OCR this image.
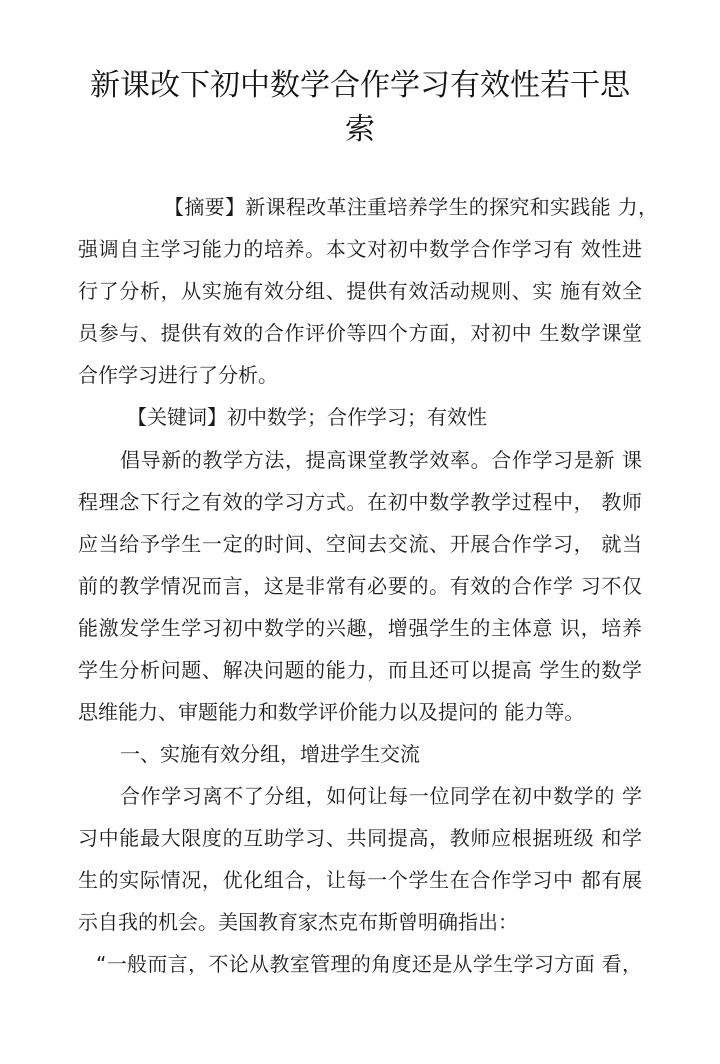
新课改下初中数学合作学习有效性若干思
索
【摘要】新课程改革注重培养学生的探究和实践能 力，
强调自主学习能力的培养。本文对初中数学合作学习有 效性进
行了分析，从实施有效分组、提供有效活动规则、实 施有效全
员参与、提供有效的合作评价等四个方面，对初中 生数学课堂
合作学习进行了分析。
【关键词】初中数学；合作学习；有效性
倡导新的教学方法，提高课堂教学效率。合作学习是新 课
程理念下行之有效的学习方式。在初中数学教学过程中， 教师
应当给予学生一定的时间、空间去交流、开展合作学习， 就当
前的教学情况而言，这是非常有必要的。有效的合作学 习不仅
能激发学生学习初中数学的兴趣，增强学生的主体意 识，培养
学生分析问题、解决问题的能力，而且还可以提高 学生的数学
思维能力、审题能力和数学评价能力以及提问的 能力等。
一、实施有效分组，增进学生交流
合作学习离不了分组，如何让每一位同学在初中数学的 学
习中能最大限度的互助学习、共同提高，教师应根据班级 和学
生的实际情况，优化组合，让每一个学生在合作学习中 都有展
示自我的机会。美国教育家杰克布斯曾明确指出：
“一般而言，不论从教室管理的角度还是从学生学习方面 看，
